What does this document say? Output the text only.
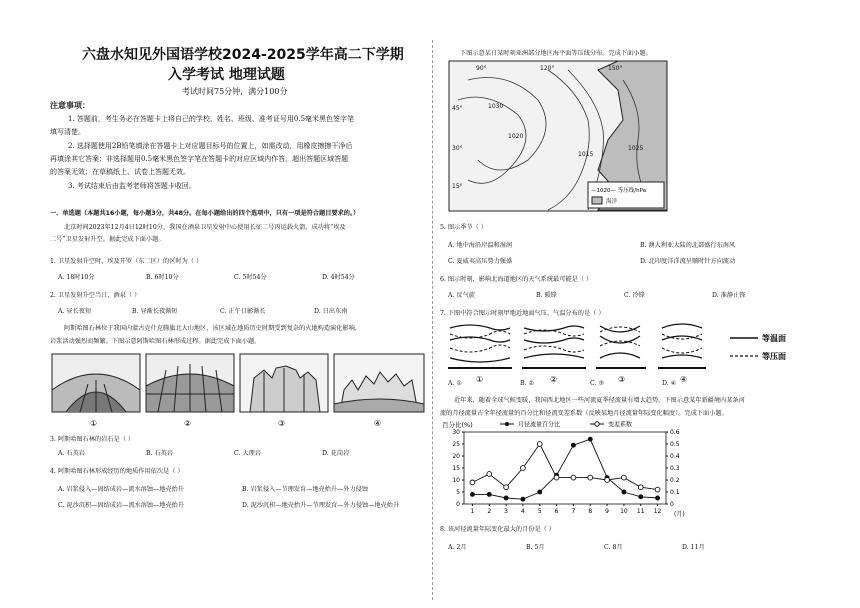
六盘水知见外国语学校2024-2025学年高二下学期
入学考试 地理试题
考试时间75分钟，满分100分
注意事项：
1. 答题前，考生务必在答题卡上将自己的学校、姓名、班级、准考证号用0.5毫米黑色签字笔
填写清楚。
2. 选择题使用2B铅笔填涂在答题卡上对应题目标号的位置上，如需改动，用橡皮擦擦干净后
再填涂其它答案；非选择题用0.5毫米黑色签字笔在答题卡的对应区域内作答，超出答题区域答题
的答案无效；在草稿纸上、试卷上答题无效。
3. 考试结束后由监考老师将答题卡收回。
一、单选题（本题共16小题，每小题3分，共48分。在每小题给出的四个选项中，只有一项是符合题目要求的。）
北京时间2023年12月4日12时10分，我国在酒泉卫星发射中心使用长征二号丙运载火箭，成功将“埃及
二号”卫星发射升空。据此完成下面小题。
1. 卫星发射升空时，埃及开罗（东二区）的区时为（ ）
A. 18时10分	B. 6时10分	C. 5时54分	D. 4时54分
2. 卫星发射升空当日，酒泉（ ）
A. 昼长夜短	B. 昼渐长夜渐短	C. 正午日影渐长	D. 日出东南
阿斯哈图石林位于我国内蒙古克什克腾旗北大山地区，该区域在地质历史时期受到复杂的火地构造演化影响，
岩浆活动强烈而频繁。下图示意阿斯哈图石林形成过程。据此完成下面小题。
①	②	③	④
3. 阿斯哈图石林的岩石是（ ）
A. 石英岩	B. 石英岩	C. 大理岩	D. 花岗岩
4. 阿斯哈图石林形成经历的地质作用依次是（ ）
A. 岩浆侵入—固结成岩—流水溶蚀—地壳抬升	B. 岩浆侵入—节理发育—地壳抬升—外力侵蚀
C. 泥沙沉积—固结成岩—流水溶蚀—地壳抬升	D. 泥沙沉积—地壳抬升—节理发育—外力侵蚀—地壳抬升
下图示意某日某时刻亚洲部分地区海平面等压线分布。完成下面小题。
90°	120°	150°
45°
30°
15°
1030
1020
1015
1025
—1020— 等压线/hPa
海洋
5. 图示季节（ ）
A. 地中海沿岸温和湿润	B. 澳大利亚大陆的北部盛行东南风
C. 夏威夷高压势力强盛	D. 北印度洋洋流呈顺时针方向流动
6. 图示时刻，影响北海道地区的天气系统最可能是（ ）
A. 反气旋	B. 暖锋	C. 冷锋	D. 准静止锋
7. 下图中符合图示时刻甲地近地面气压、气温分布的是（ ）
等温面
等压面
①	②	③	④
A. ①	B. ②	C. ③	D. ④
近年来，随着全球气候变暖，我国西北地区一些河流夏季径流量有增大趋势。下图示意某年新疆境内某条河
流的月径流量占全年径流量的百分比和径流变差系数（反映某地月径流量年际变化幅度）。完成下面小题。
百分比(%)	月径流量百分比	变差系数
0
5
10
15
20
25
30
0
0.1
0.2
0.3
0.4
0.5
0.6
1 2 3 4 5 6 7 8 9 10 11 12 (月)
8. 该河径流量年际变化最大的月份是（ ）
A. 2月	B. 5月	C. 8月	D. 11月
